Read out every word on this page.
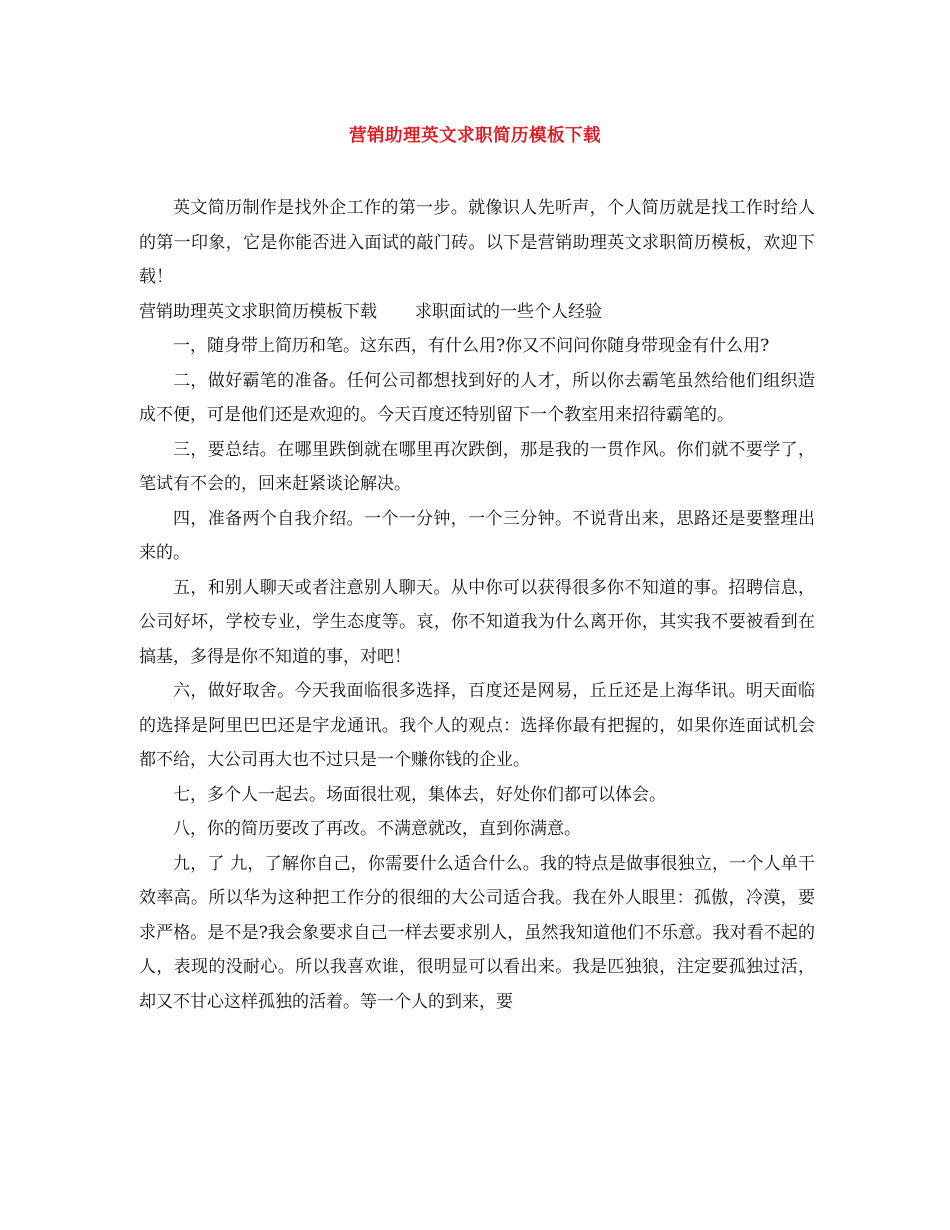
营销助理英文求职简历模板下载

英文简历制作是找外企工作的第一步。就像识人先听声，个人简历就是找工作时给人的第一印象，它是你能否进入面试的敲门砖。以下是营销助理英文求职简历模板，欢迎下载！

营销助理英文求职简历模板下载 求职面试的一些个人经验

一，随身带上简历和笔。这东西，有什么用?你又不问问你随身带现金有什么用?

二，做好霸笔的准备。任何公司都想找到好的人才，所以你去霸笔虽然给他们组织造成不便，可是他们还是欢迎的。今天百度还特别留下一个教室用来招待霸笔的。

三，要总结。在哪里跌倒就在哪里再次跌倒，那是我的一贯作风。你们就不要学了，笔试有不会的，回来赶紧谈论解决。

四，准备两个自我介绍。一个一分钟，一个三分钟。不说背出来，思路还是要整理出来的。

五，和别人聊天或者注意别人聊天。从中你可以获得很多你不知道的事。招聘信息，公司好坏，学校专业，学生态度等。哀，你不知道我为什么离开你，其实我不要被看到在搞基，多得是你不知道的事，对吧！

六，做好取舍。今天我面临很多选择，百度还是网易，丘丘还是上海华讯。明天面临的选择是阿里巴巴还是宇龙通讯。我个人的观点：选择你最有把握的，如果你连面试机会都不给，大公司再大也不过只是一个赚你钱的企业。

七，多个人一起去。场面很壮观，集体去，好处你们都可以体会。

八，你的简历要改了再改。不满意就改，直到你满意。

九，了 九，了解你自己，你需要什么适合什么。我的特点是做事很独立，一个人单干效率高。所以华为这种把工作分的很细的大公司适合我。我在外人眼里：孤傲，冷漠，要求严格。是不是?我会象要求自己一样去要求别人，虽然我知道他们不乐意。我对看不起的人，表现的没耐心。所以我喜欢谁，很明显可以看出来。我是匹独狼，注定要孤独过活，却又不甘心这样孤独的活着。等一个人的到来，要
